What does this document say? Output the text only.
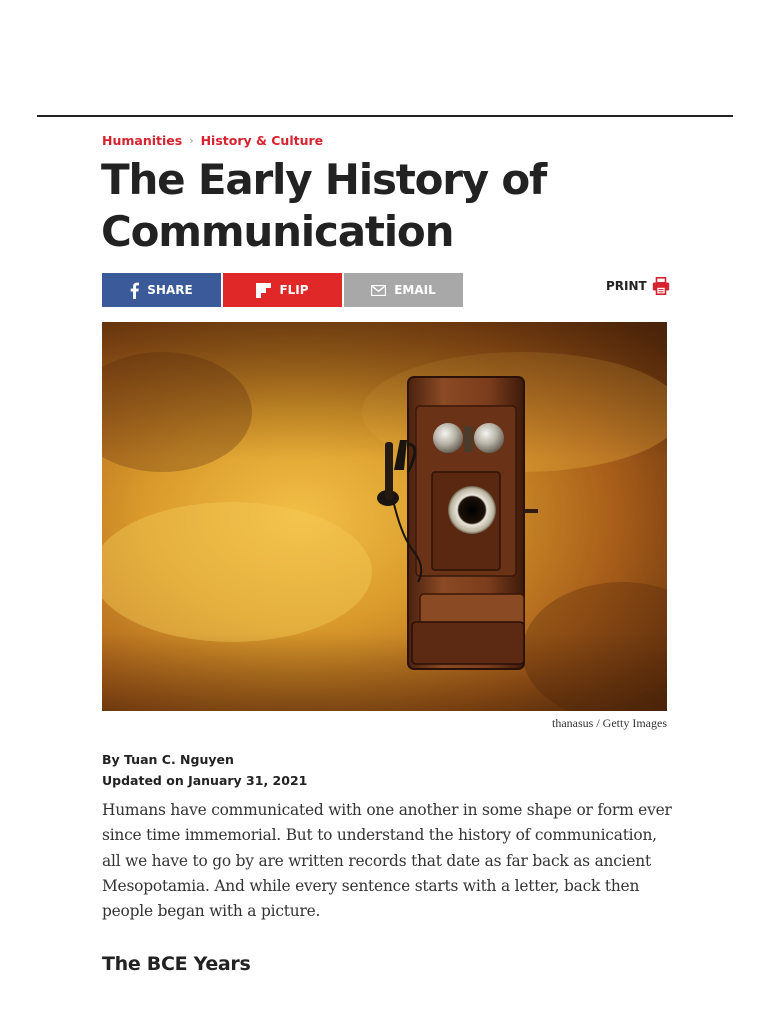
Humanities › History & Culture
The Early History of Communication
SHARE	FLIP	EMAIL	PRINT
thanasus / Getty Images
By Tuan C. Nguyen
Updated on January 31, 2021

Humans have communicated with one another in some shape or form ever since time immemorial. But to understand the history of communication, all we have to go by are written records that date as far back as ancient Mesopotamia. And while every sentence starts with a letter, back then people began with a picture.

The BCE Years
